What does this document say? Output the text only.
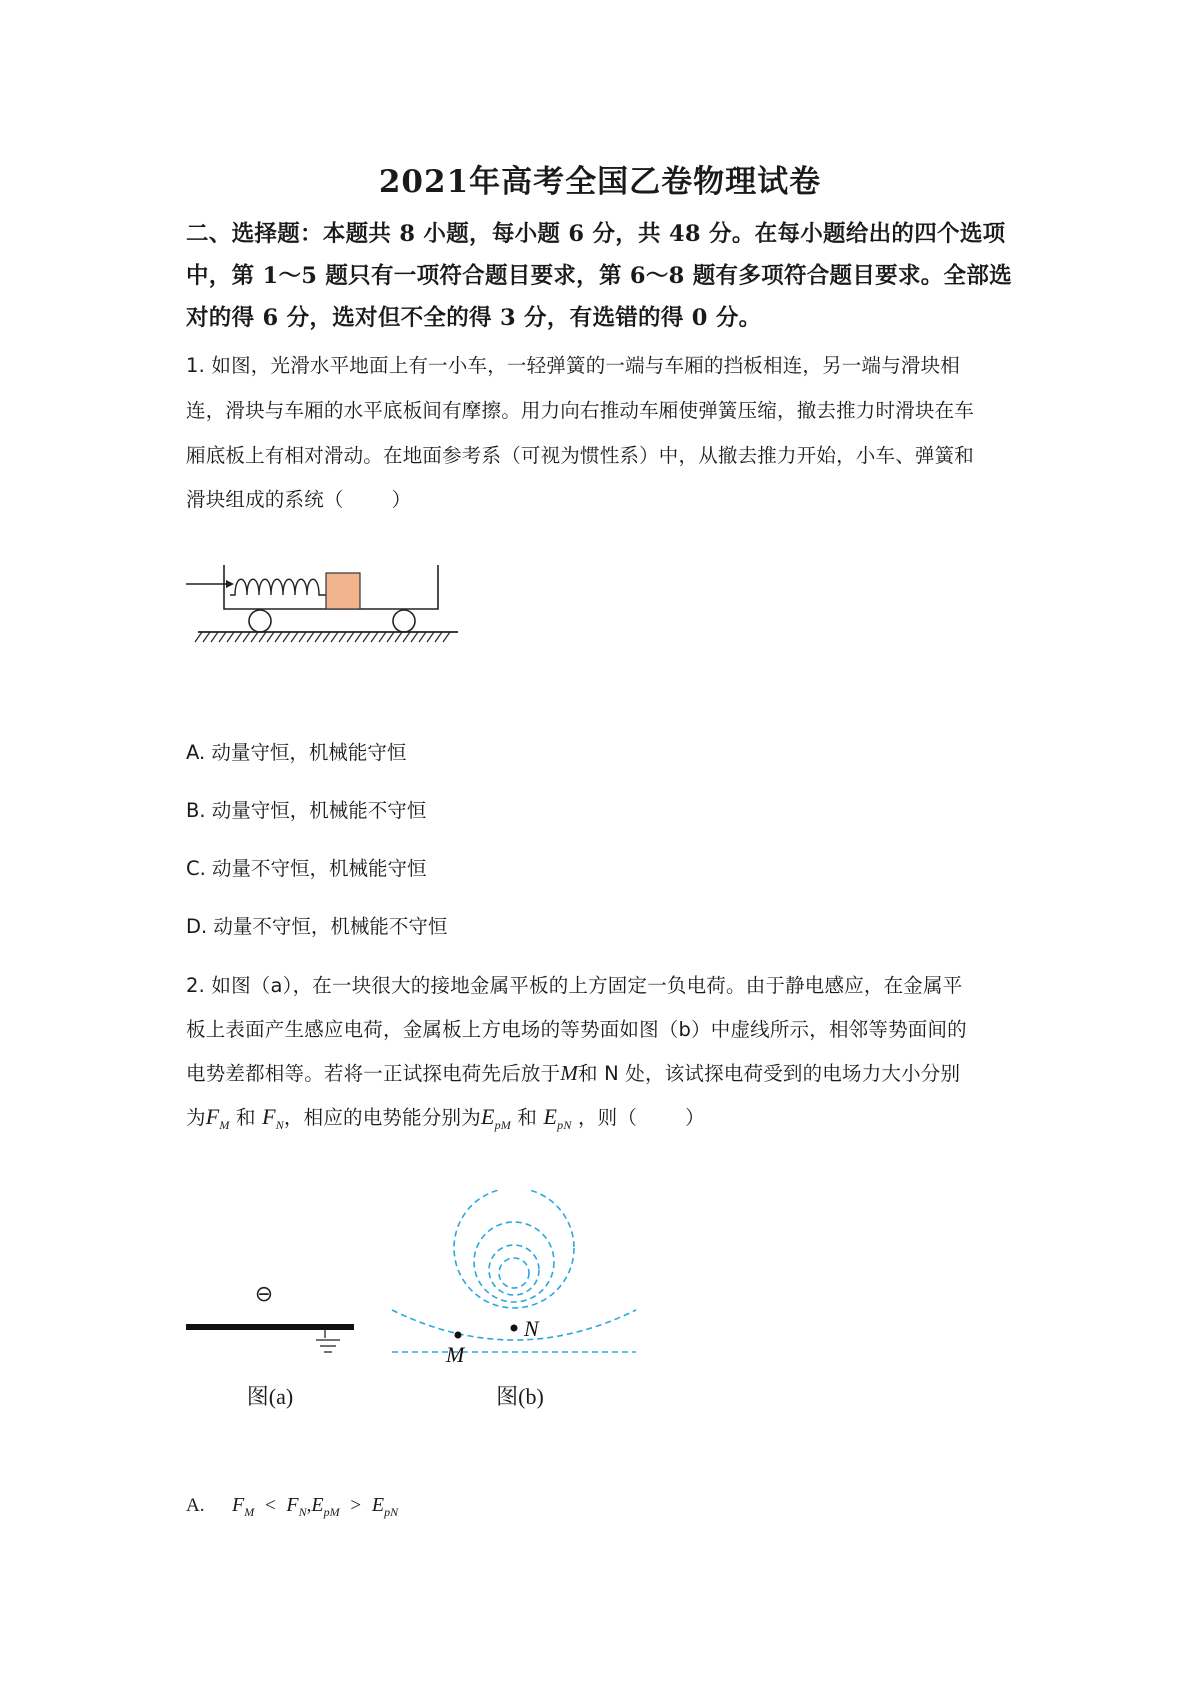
2021年高考全国乙卷物理试卷
二、选择题：本题共 8 小题，每小题 6 分，共 48 分。在每小题给出的四个选项
中，第 1～5 题只有一项符合题目要求，第 6～8 题有多项符合题目要求。全部选
对的得 6 分，选对但不全的得 3 分，有选错的得 0 分。
1. 如图，光滑水平地面上有一小车，一轻弹簧的一端与车厢的挡板相连，另一端与滑块相
连，滑块与车厢的水平底板间有摩擦。用力向右推动车厢使弹簧压缩，撤去推力时滑块在车
厢底板上有相对滑动。在地面参考系（可视为惯性系）中，从撤去推力开始，小车、弹簧和
滑块组成的系统（ ）
A. 动量守恒，机械能守恒
B. 动量守恒，机械能不守恒
C. 动量不守恒，机械能守恒
D. 动量不守恒，机械能不守恒
2. 如图（a），在一块很大的接地金属平板的上方固定一负电荷。由于静电感应，在金属平
板上表面产生感应电荷，金属板上方电场的等势面如图（b）中虚线所示，相邻等势面间的
电势差都相等。若将一正试探电荷先后放于M和 N 处，该试探电荷受到的电场力大小分别
为$F_M$ 和 $F_N$，相应的电势能分别为$E_{pM}$ 和 $E_{pN}$ ，则（ ）
⊖
图(a)
M
N
图(b)
A. $F_M < F_N,E_{pM} > E_{pN}$
